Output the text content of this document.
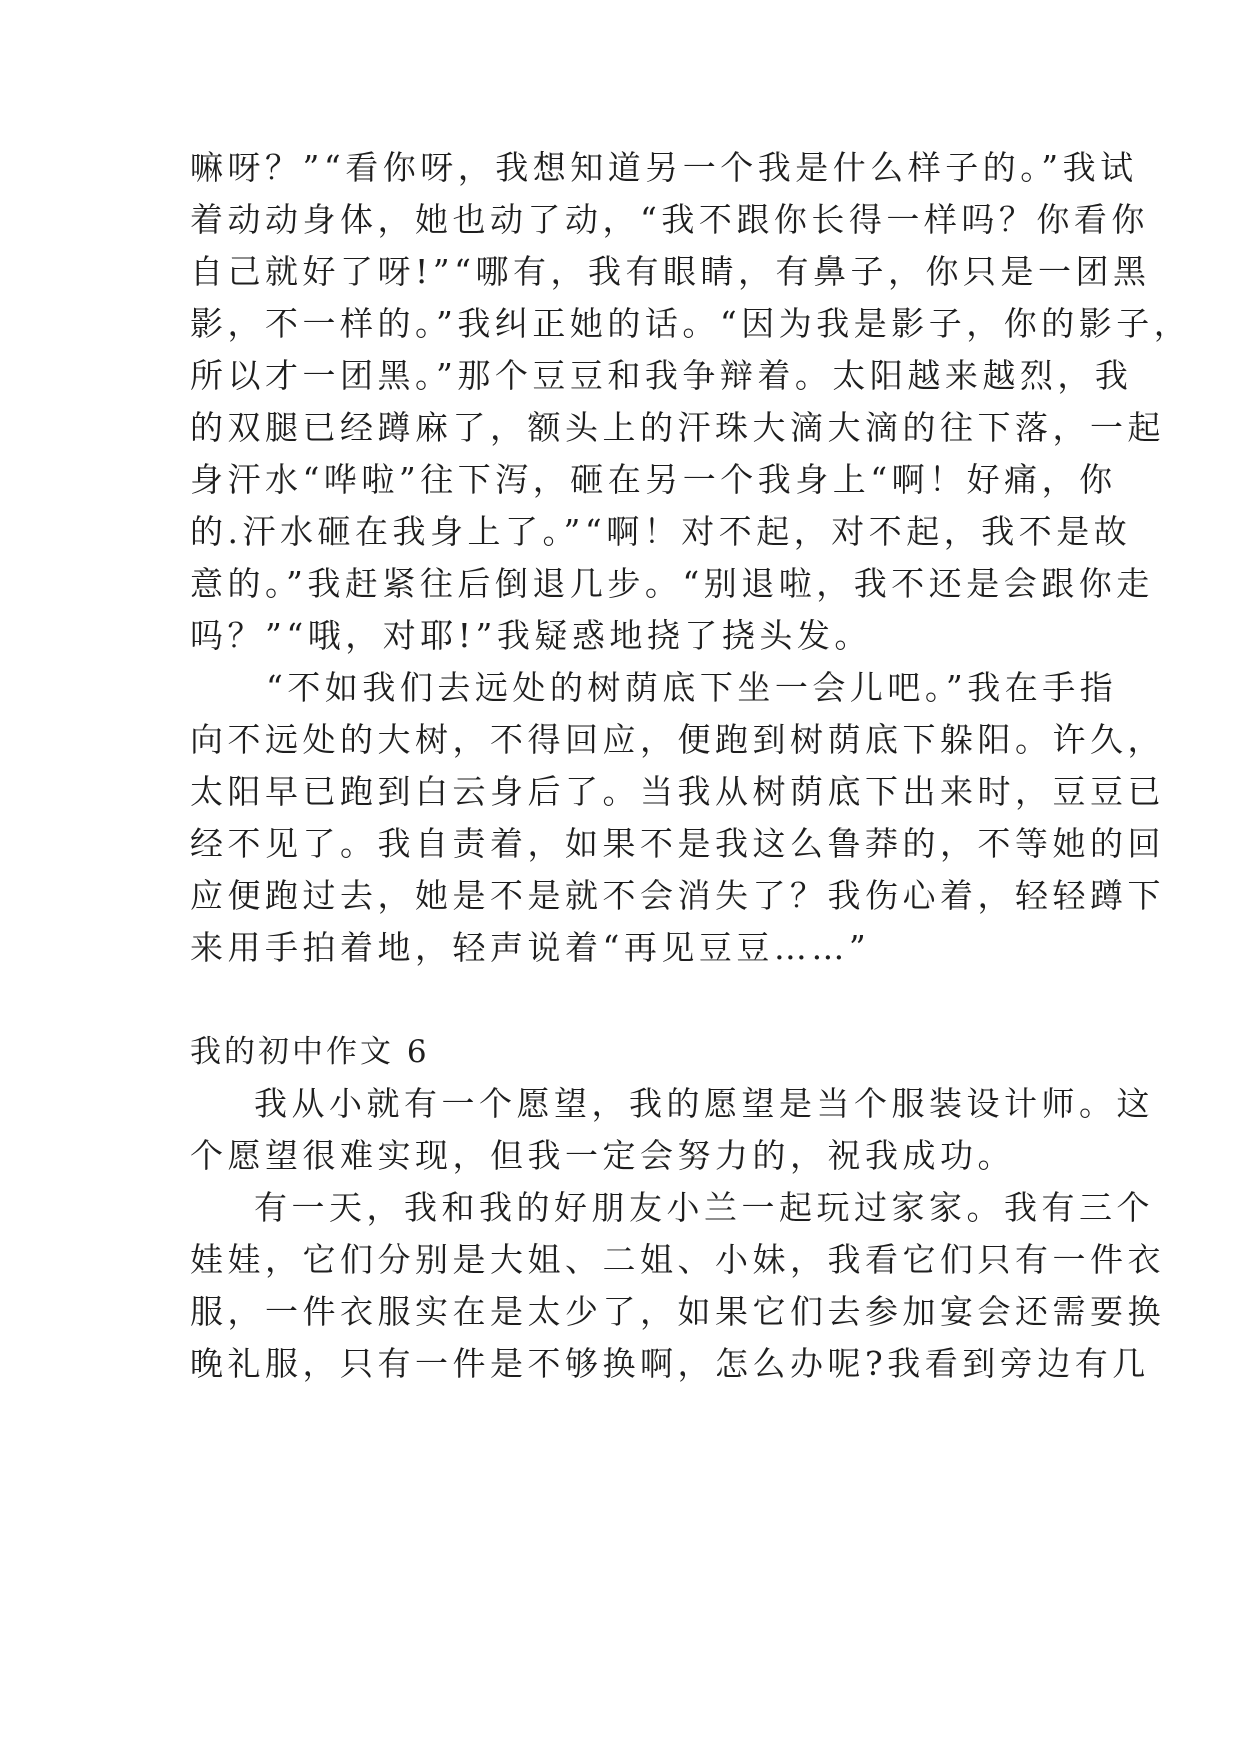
嘛呀？”“看你呀，我想知道另一个我是什么样子的。”我试
着动动身体，她也动了动，“我不跟你长得一样吗？你看你
自己就好了呀!”“哪有，我有眼睛，有鼻子，你只是一团黑
影，不一样的。”我纠正她的话。“因为我是影子，你的影子，
所以才一团黑。”那个豆豆和我争辩着。太阳越来越烈，我
的双腿已经蹲麻了，额头上的汗珠大滴大滴的往下落，一起
身汗水“哗啦”往下泻，砸在另一个我身上“啊！好痛，你
的.汗水砸在我身上了。”“啊！对不起，对不起，我不是故
意的。”我赶紧往后倒退几步。“别退啦，我不还是会跟你走
吗？”“哦，对耶!”我疑惑地挠了挠头发。
“不如我们去远处的树荫底下坐一会儿吧。”我在手指
向不远处的大树，不得回应，便跑到树荫底下躲阳。许久，
太阳早已跑到白云身后了。当我从树荫底下出来时，豆豆已
经不见了。我自责着，如果不是我这么鲁莽的，不等她的回
应便跑过去，她是不是就不会消失了？我伤心着，轻轻蹲下
来用手拍着地，轻声说着“再见豆豆……”
我的初中作文 6
我从小就有一个愿望，我的愿望是当个服装设计师。这
个愿望很难实现，但我一定会努力的，祝我成功。
有一天，我和我的好朋友小兰一起玩过家家。我有三个
娃娃，它们分别是大姐、二姐、小妹，我看它们只有一件衣
服，一件衣服实在是太少了，如果它们去参加宴会还需要换
晚礼服，只有一件是不够换啊，怎么办呢?我看到旁边有几
